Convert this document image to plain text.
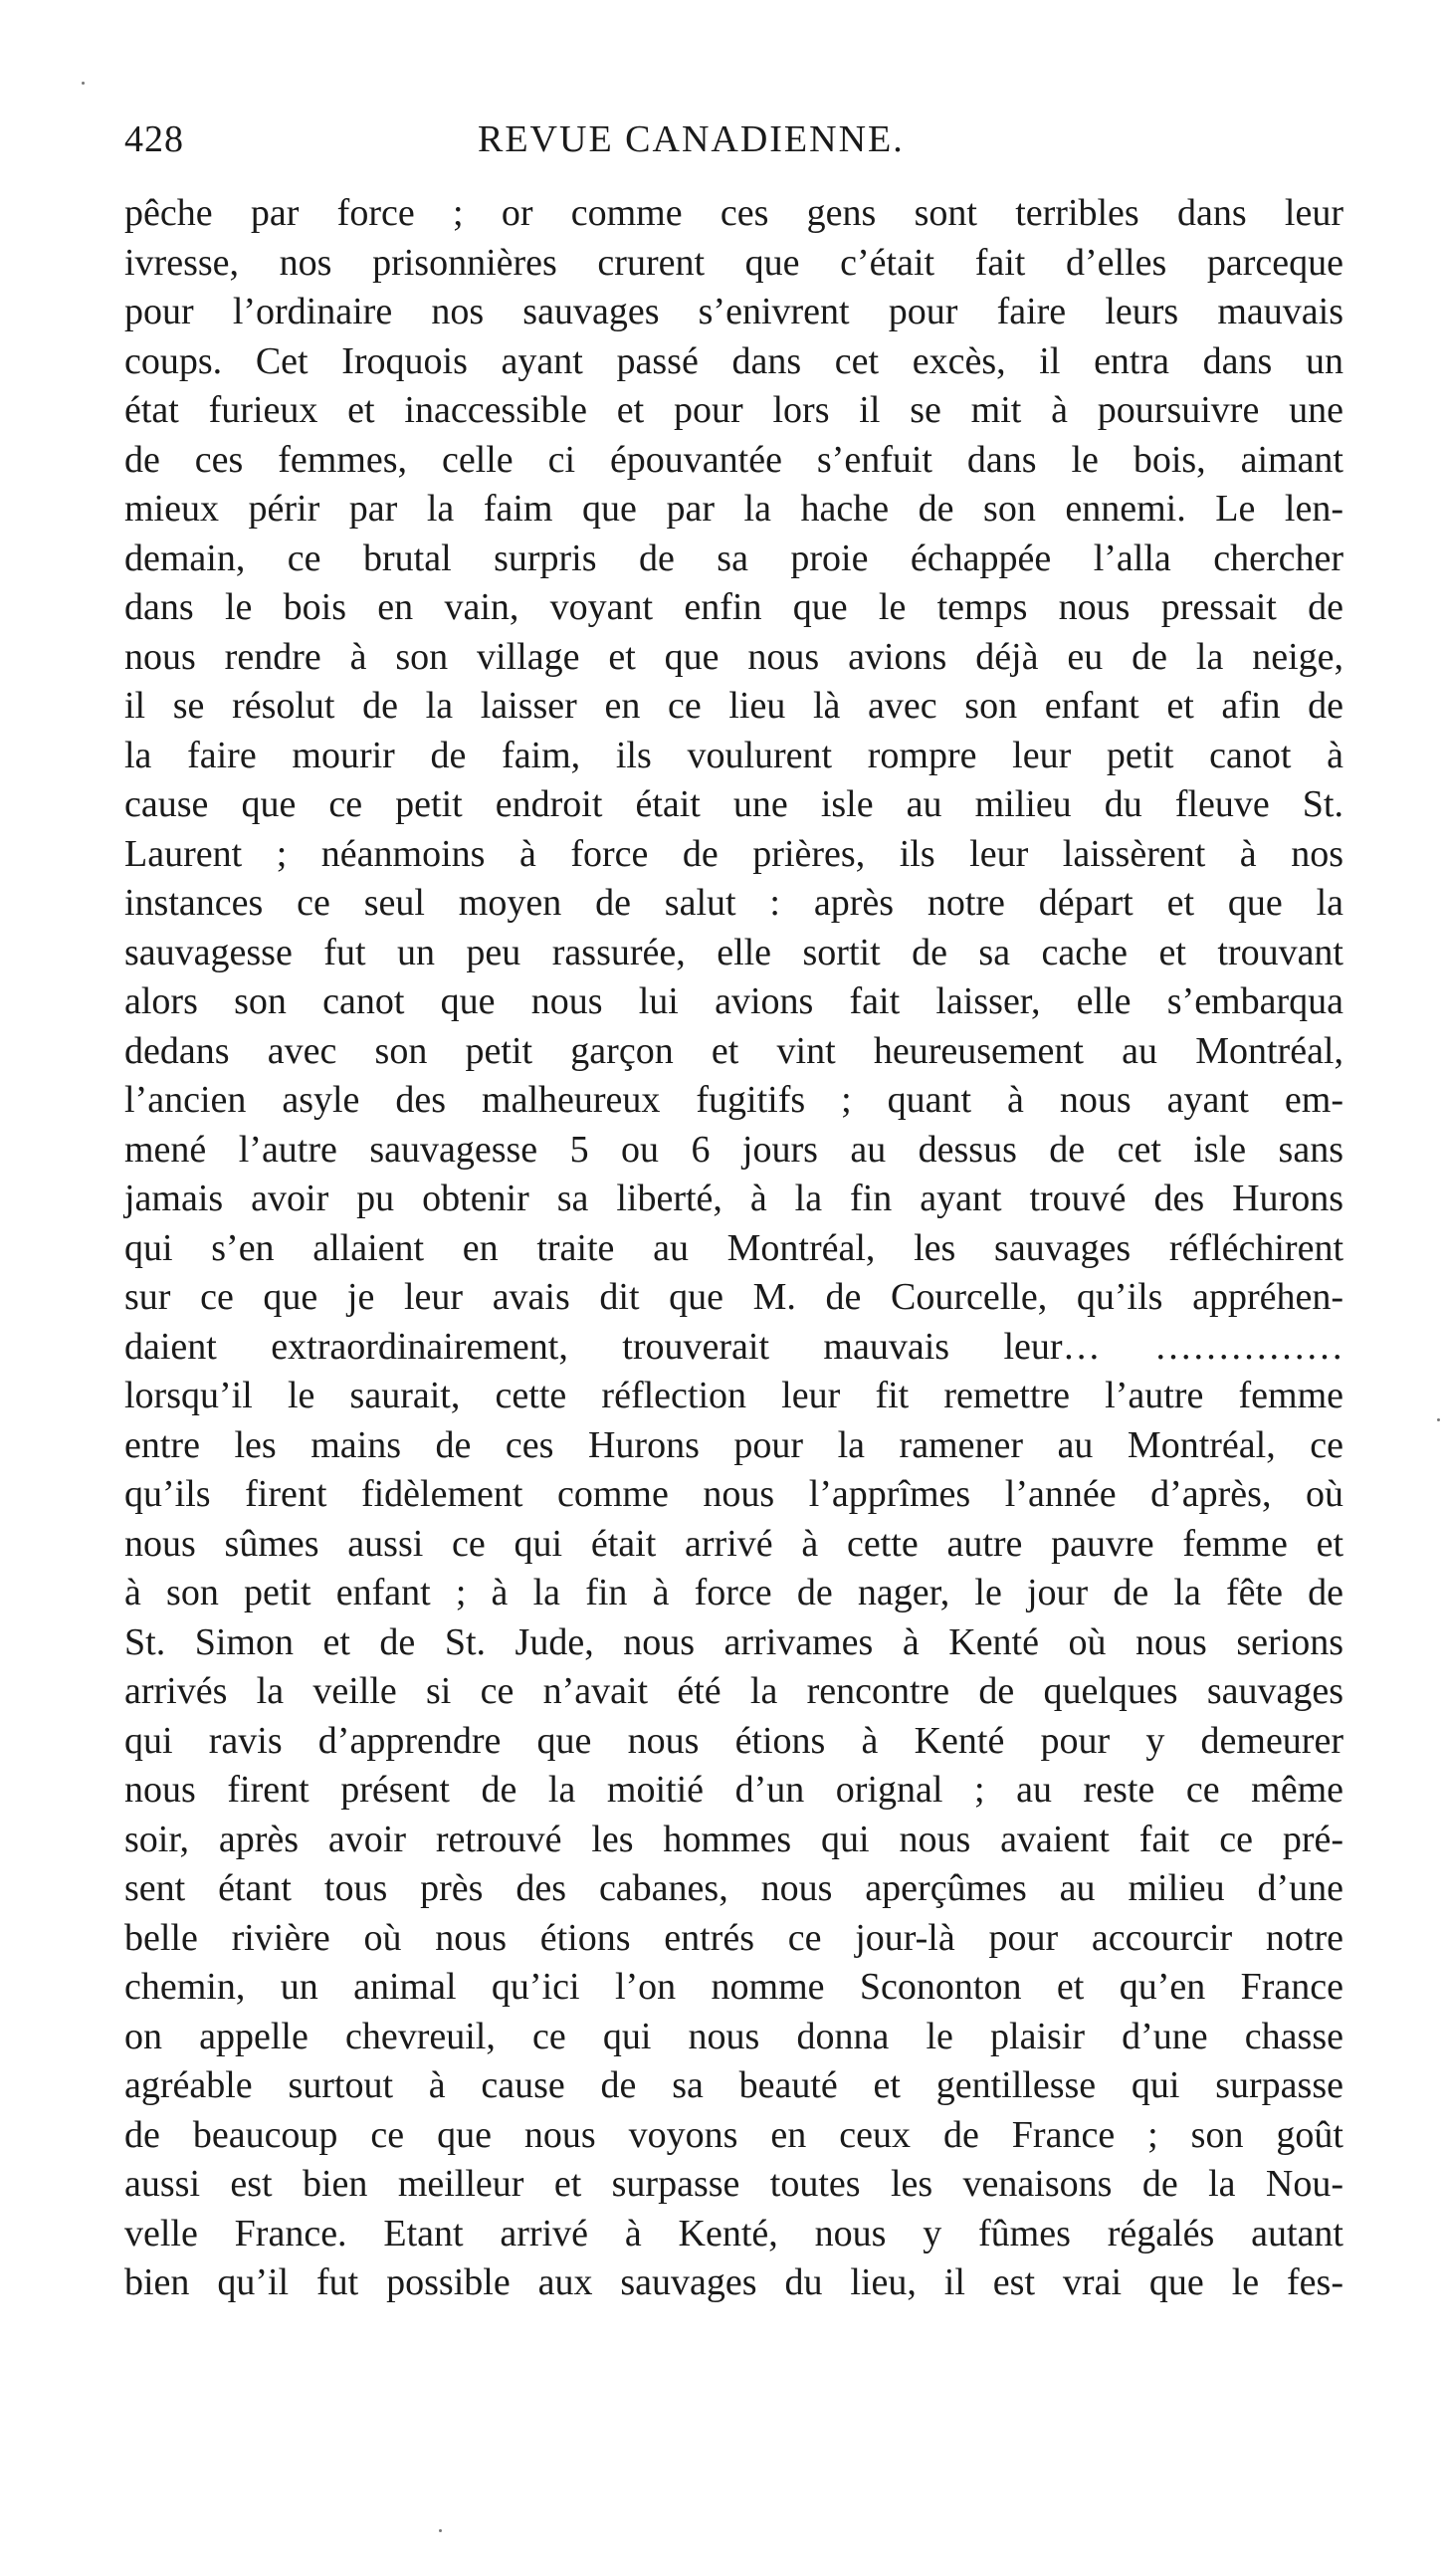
428	REVUE CANADIENNE.
pêche par force ; or comme ces gens sont terribles dans leur
ivresse, nos prisonnières crurent que c’était fait d’elles parceque
pour l’ordinaire nos sauvages s’enivrent pour faire leurs mauvais
coups. Cet Iroquois ayant passé dans cet excès, il entra dans un
état furieux et inaccessible et pour lors il se mit à poursuivre une
de ces femmes, celle ci épouvantée s’enfuit dans le bois, aimant
mieux périr par la faim que par la hache de son ennemi. Le len-
demain, ce brutal surpris de sa proie échappée l’alla chercher
dans le bois en vain, voyant enfin que le temps nous pressait de
nous rendre à son village et que nous avions déjà eu de la neige,
il se résolut de la laisser en ce lieu là avec son enfant et afin de
la faire mourir de faim, ils voulurent rompre leur petit canot à
cause que ce petit endroit était une isle au milieu du fleuve St.
Laurent ; néanmoins à force de prières, ils leur laissèrent à nos
instances ce seul moyen de salut : après notre départ et que la
sauvagesse fut un peu rassurée, elle sortit de sa cache et trouvant
alors son canot que nous lui avions fait laisser, elle s’embarqua
dedans avec son petit garçon et vint heureusement au Montréal,
l’ancien asyle des malheureux fugitifs ; quant à nous ayant em-
mené l’autre sauvagesse 5 ou 6 jours au dessus de cet isle sans
jamais avoir pu obtenir sa liberté, à la fin ayant trouvé des Hurons
qui s’en allaient en traite au Montréal, les sauvages réfléchirent
sur ce que je leur avais dit que M. de Courcelle, qu’ils appréhen-
daient extraordinairement, trouverait mauvais leur… ……………
lorsqu’il le saurait, cette réflection leur fit remettre l’autre femme
entre les mains de ces Hurons pour la ramener au Montréal, ce
qu’ils firent fidèlement comme nous l’apprîmes l’année d’après, où
nous sûmes aussi ce qui était arrivé à cette autre pauvre femme et
à son petit enfant ; à la fin à force de nager, le jour de la fête de
St. Simon et de St. Jude, nous arrivames à Kenté où nous serions
arrivés la veille si ce n’avait été la rencontre de quelques sauvages
qui ravis d’apprendre que nous étions à Kenté pour y demeurer
nous firent présent de la moitié d’un orignal ; au reste ce même
soir, après avoir retrouvé les hommes qui nous avaient fait ce pré-
sent étant tous près des cabanes, nous aperçûmes au milieu d’une
belle rivière où nous étions entrés ce jour-là pour accourcir notre
chemin, un animal qu’ici l’on nomme Scononton et qu’en France
on appelle chevreuil, ce qui nous donna le plaisir d’une chasse
agréable surtout à cause de sa beauté et gentillesse qui surpasse
de beaucoup ce que nous voyons en ceux de France ; son goût
aussi est bien meilleur et surpasse toutes les venaisons de la Nou-
velle France. Etant arrivé à Kenté, nous y fûmes régalés autant
bien qu’il fut possible aux sauvages du lieu, il est vrai que le fes-
